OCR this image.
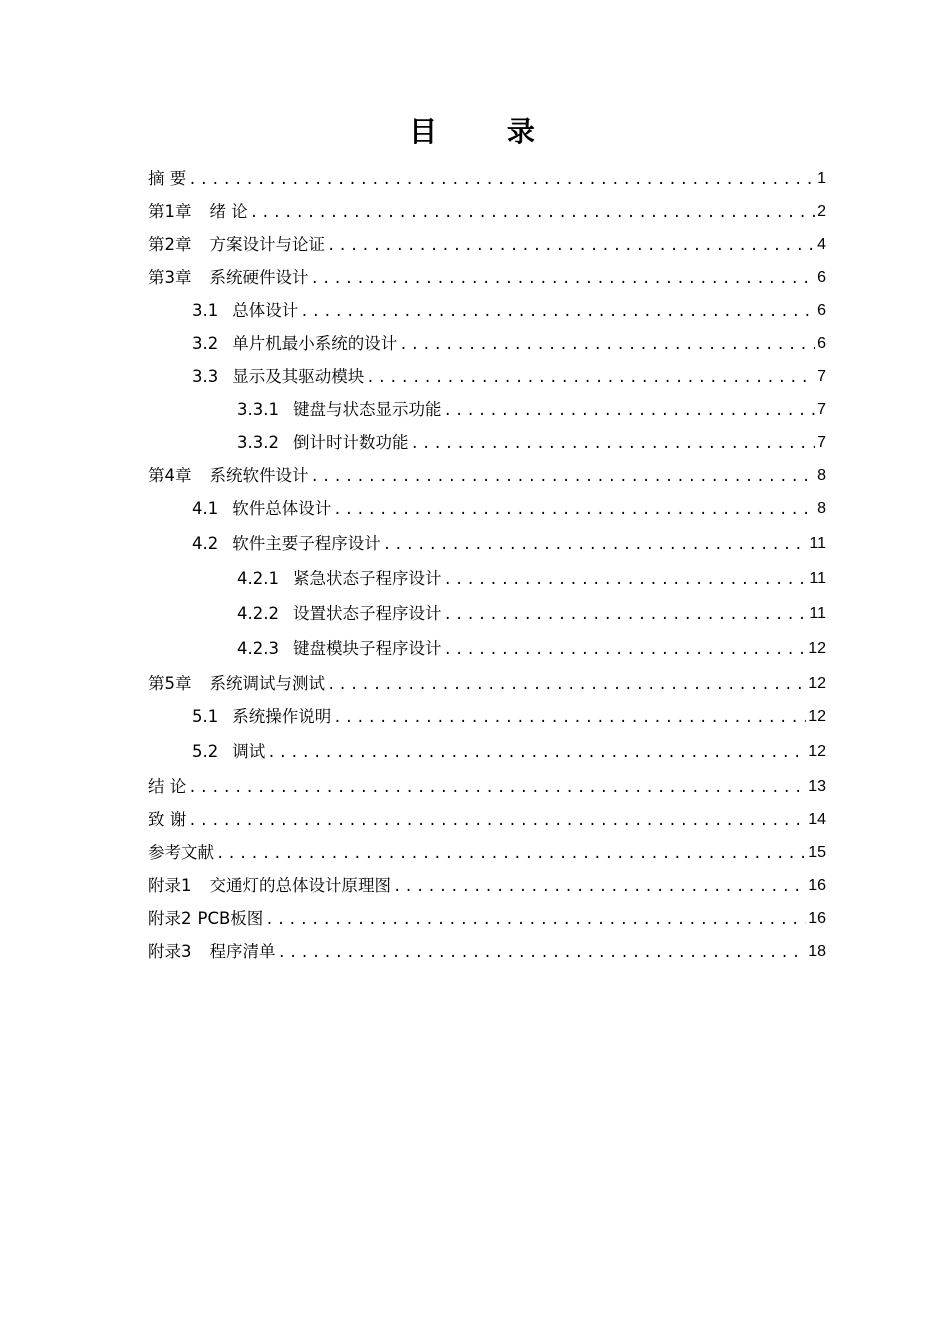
目 录
摘 要 .....	1
第1章 绪 论 .....	2
第2章 方案设计与论证 .....	4
第3章 系统硬件设计 .....	6
3.1 总体设计 .....	6
3.2 单片机最小系统的设计 .....	6
3.3 显示及其驱动模块 .....	7
3.3.1 键盘与状态显示功能 .....	7
3.3.2 倒计时计数功能 .....	7
第4章 系统软件设计 .....	8
4.1 软件总体设计 .....	8
4.2 软件主要子程序设计 .....	11
4.2.1 紧急状态子程序设计 .....	11
4.2.2 设置状态子程序设计 .....	11
4.2.3 键盘模块子程序设计 .....	12
第5章 系统调试与测试 .....	12
5.1 系统操作说明 .....	12
5.2 调试 .....	12
结 论 .....	13
致 谢 .....	14
参考文献 .....	15
附录1 交通灯的总体设计原理图 .....	16
附录2 PCB板图 .....	16
附录3 程序清单 .....	18
